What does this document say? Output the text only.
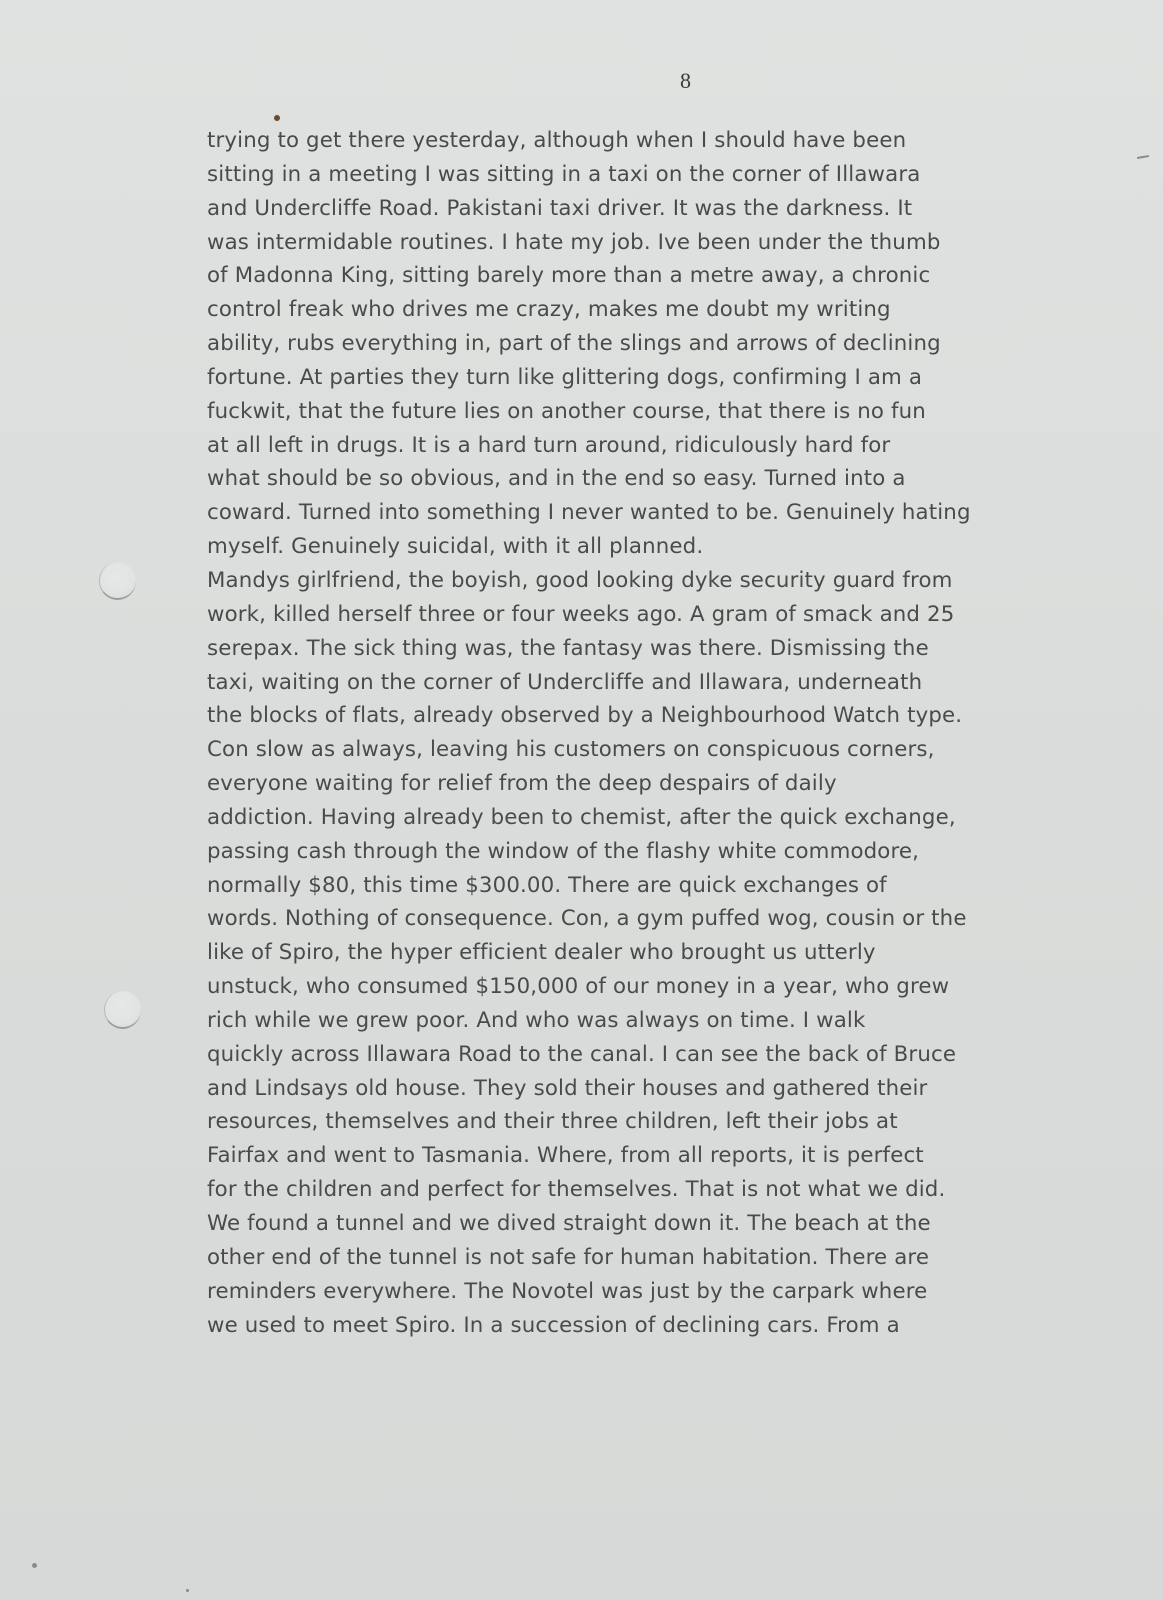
8
trying to get there yesterday, although when I should have been
sitting in a meeting I was sitting in a taxi on the corner of Illawara
and Undercliffe Road. Pakistani taxi driver. It was the darkness. It
was intermidable routines. I hate my job. Ive been under the thumb
of Madonna King, sitting barely more than a metre away, a chronic
control freak who drives me crazy, makes me doubt my writing
ability, rubs everything in, part of the slings and arrows of declining
fortune. At parties they turn like glittering dogs, confirming I am a
fuckwit, that the future lies on another course, that there is no fun
at all left in drugs. It is a hard turn around, ridiculously hard for
what should be so obvious, and in the end so easy. Turned into a
coward. Turned into something I never wanted to be. Genuinely hating
myself. Genuinely suicidal, with it all planned.
Mandys girlfriend, the boyish, good looking dyke security guard from
work, killed herself three or four weeks ago. A gram of smack and 25
serepax. The sick thing was, the fantasy was there. Dismissing the
taxi, waiting on the corner of Undercliffe and Illawara, underneath
the blocks of flats, already observed by a Neighbourhood Watch type.
Con slow as always, leaving his customers on conspicuous corners,
everyone waiting for relief from the deep despairs of daily
addiction. Having already been to chemist, after the quick exchange,
passing cash through the window of the flashy white commodore,
normally $80, this time $300.00. There are quick exchanges of
words. Nothing of consequence. Con, a gym puffed wog, cousin or the
like of Spiro, the hyper efficient dealer who brought us utterly
unstuck, who consumed $150,000 of our money in a year, who grew
rich while we grew poor. And who was always on time. I walk
quickly across Illawara Road to the canal. I can see the back of Bruce
and Lindsays old house. They sold their houses and gathered their
resources, themselves and their three children, left their jobs at
Fairfax and went to Tasmania. Where, from all reports, it is perfect
for the children and perfect for themselves. That is not what we did.
We found a tunnel and we dived straight down it. The beach at the
other end of the tunnel is not safe for human habitation. There are
reminders everywhere. The Novotel was just by the carpark where
we used to meet Spiro. In a succession of declining cars. From a
